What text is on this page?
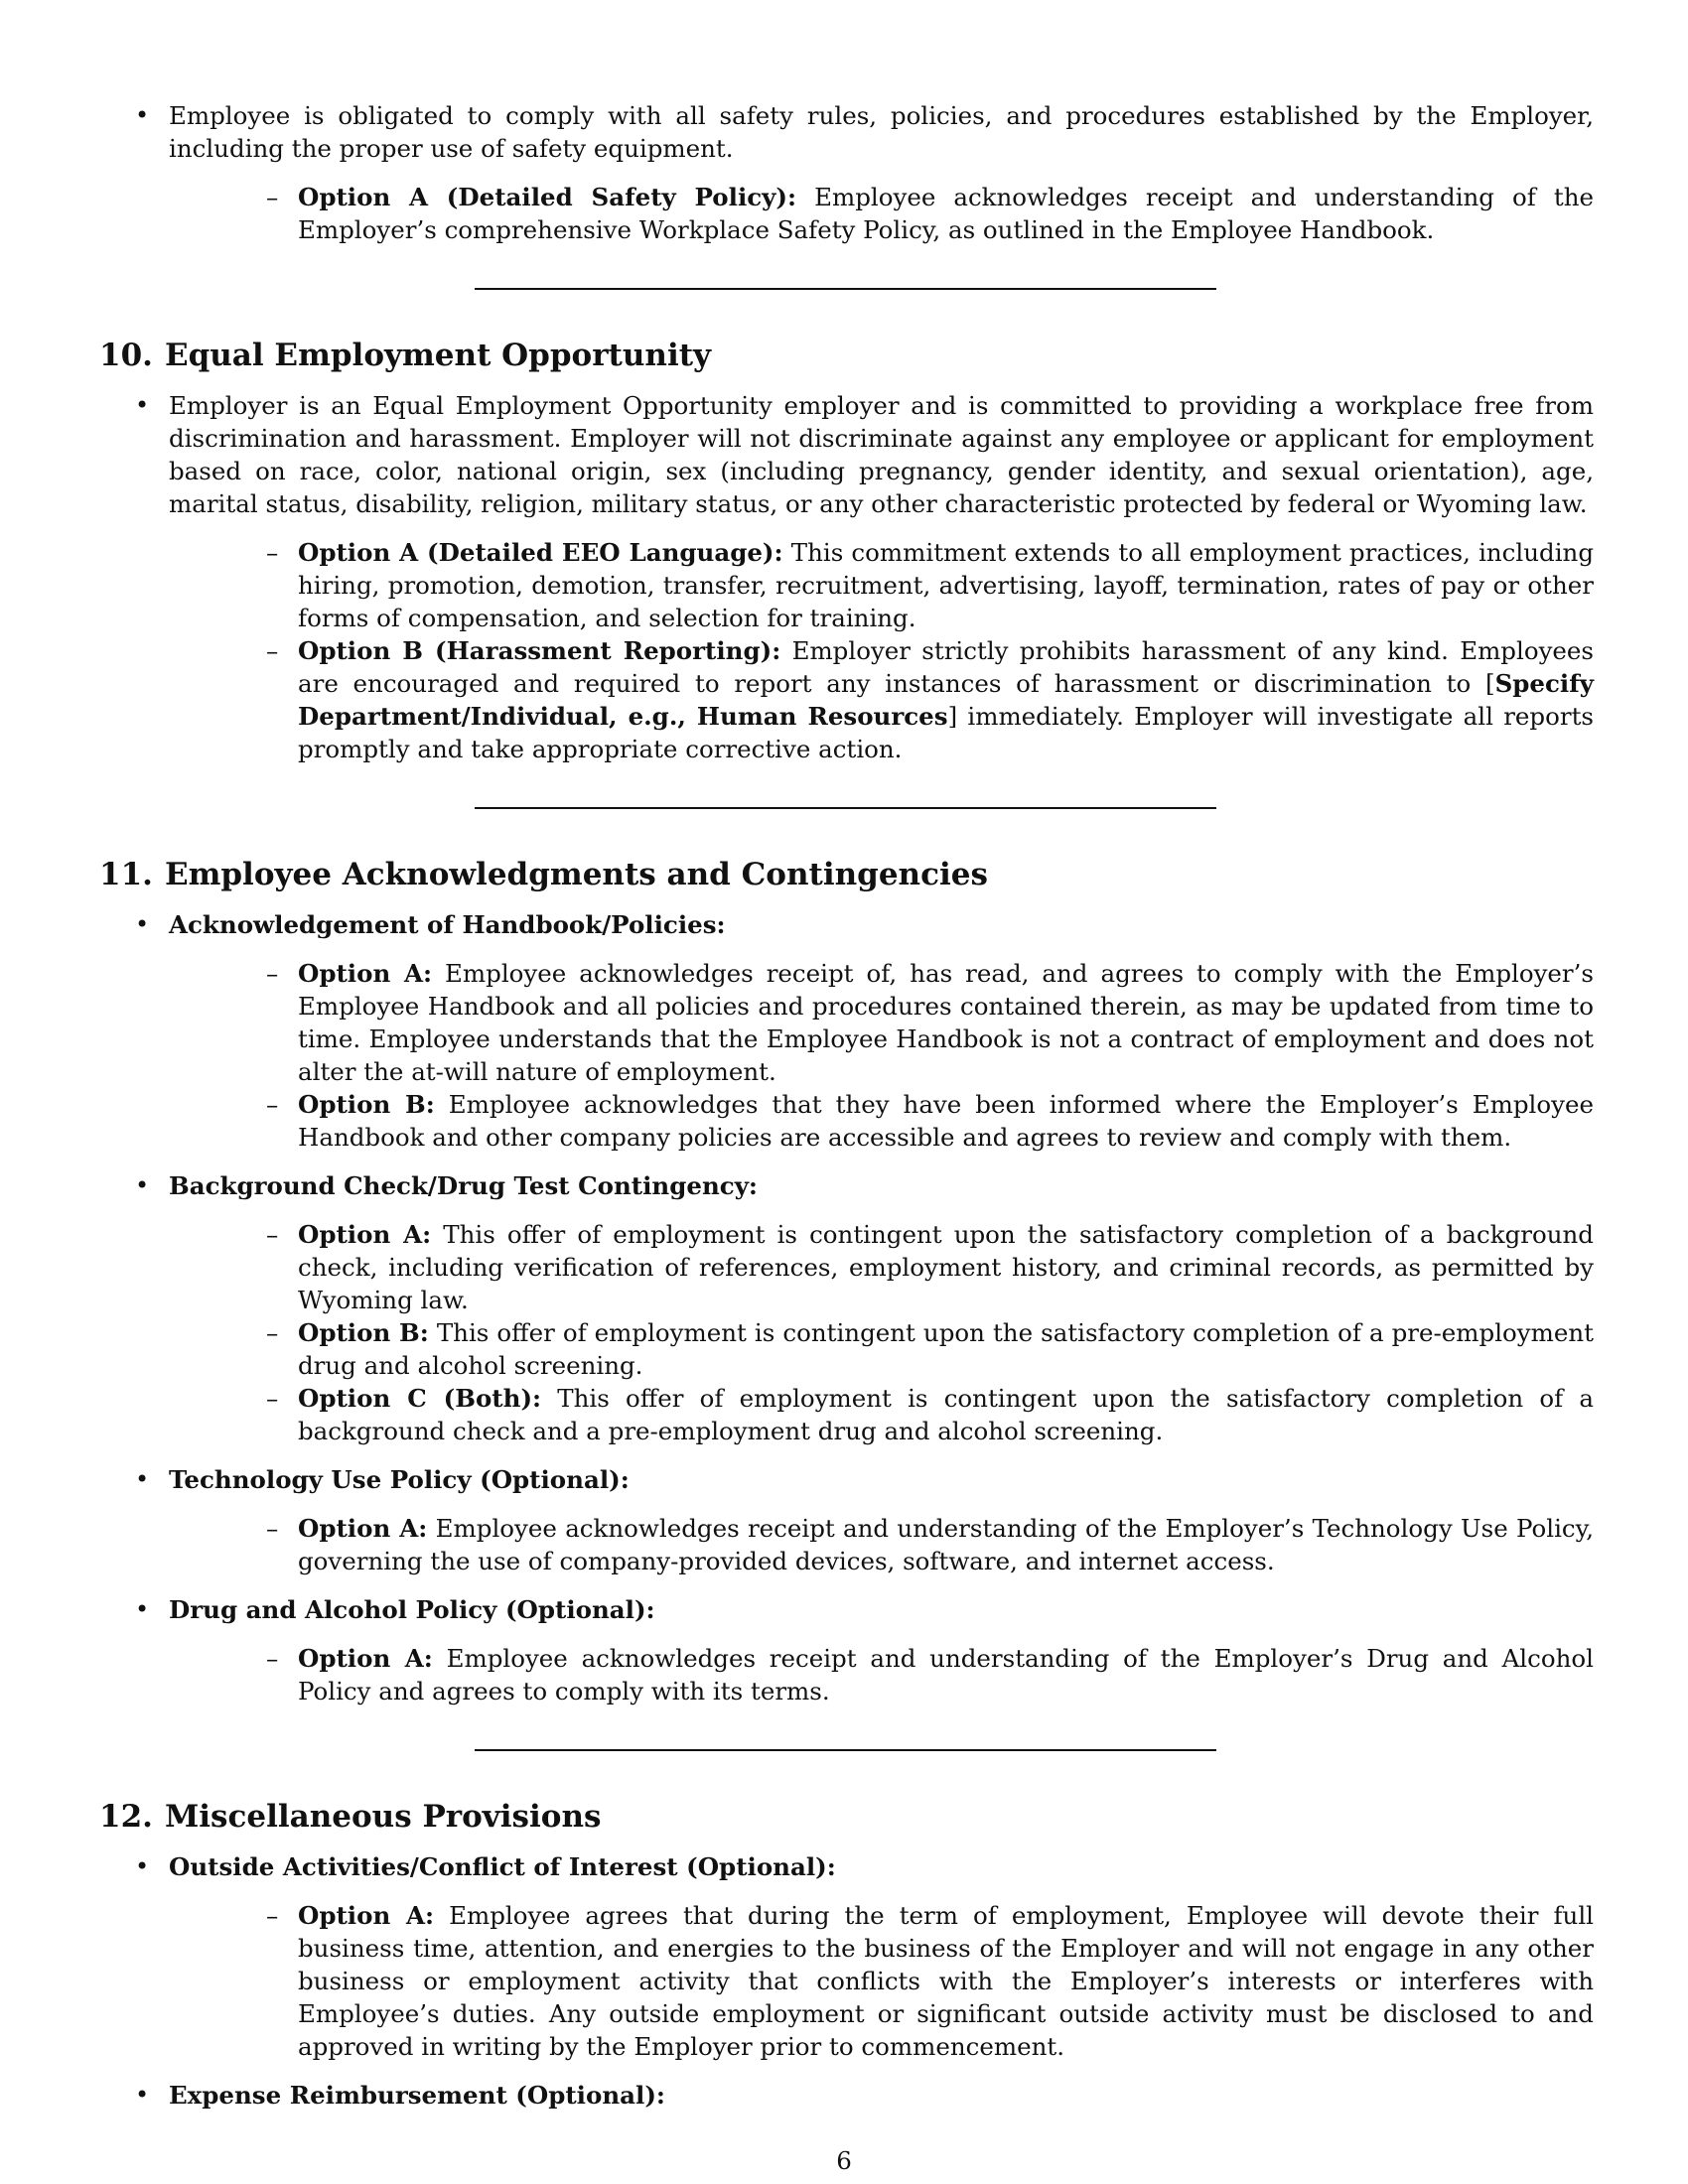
• Employee is obligated to comply with all safety rules, policies, and procedures established by the Employer, including the proper use of safety equipment.
– Option A (Detailed Safety Policy): Employee acknowledges receipt and understanding of the Employer’s comprehensive Workplace Safety Policy, as outlined in the Employee Handbook.
10. Equal Employment Opportunity
• Employer is an Equal Employment Opportunity employer and is committed to providing a workplace free from discrimination and harassment. Employer will not discriminate against any employee or applicant for employment based on race, color, national origin, sex (including pregnancy, gender identity, and sexual orientation), age, marital status, disability, religion, military status, or any other characteristic protected by federal or Wyoming law.
– Option A (Detailed EEO Language): This commitment extends to all employment practices, including hiring, promotion, demotion, transfer, recruitment, advertising, layoff, termination, rates of pay or other forms of compensation, and selection for training.
– Option B (Harassment Reporting): Employer strictly prohibits harassment of any kind. Employees are encouraged and required to report any instances of harassment or discrimination to [Specify Department/Individual, e.g., Human Resources] immediately. Employer will investigate all reports promptly and take appropriate corrective action.
11. Employee Acknowledgments and Contingencies
• Acknowledgement of Handbook/Policies:
– Option A: Employee acknowledges receipt of, has read, and agrees to comply with the Employer’s Employee Handbook and all policies and procedures contained therein, as may be updated from time to time. Employee understands that the Employee Handbook is not a contract of employment and does not alter the at-will nature of employment.
– Option B: Employee acknowledges that they have been informed where the Employer’s Employee Handbook and other company policies are accessible and agrees to review and comply with them.
• Background Check/Drug Test Contingency:
– Option A: This offer of employment is contingent upon the satisfactory completion of a background check, including verification of references, employment history, and criminal records, as permitted by Wyoming law.
– Option B: This offer of employment is contingent upon the satisfactory completion of a pre-employment drug and alcohol screening.
– Option C (Both): This offer of employment is contingent upon the satisfactory completion of a background check and a pre-employment drug and alcohol screening.
• Technology Use Policy (Optional):
– Option A: Employee acknowledges receipt and understanding of the Employer’s Technology Use Policy, governing the use of company-provided devices, software, and internet access.
• Drug and Alcohol Policy (Optional):
– Option A: Employee acknowledges receipt and understanding of the Employer’s Drug and Alcohol Policy and agrees to comply with its terms.
12. Miscellaneous Provisions
• Outside Activities/Conflict of Interest (Optional):
– Option A: Employee agrees that during the term of employment, Employee will devote their full business time, attention, and energies to the business of the Employer and will not engage in any other business or employment activity that conflicts with the Employer’s interests or interferes with Employee’s duties. Any outside employment or significant outside activity must be disclosed to and approved in writing by the Employer prior to commencement.
• Expense Reimbursement (Optional):
6
